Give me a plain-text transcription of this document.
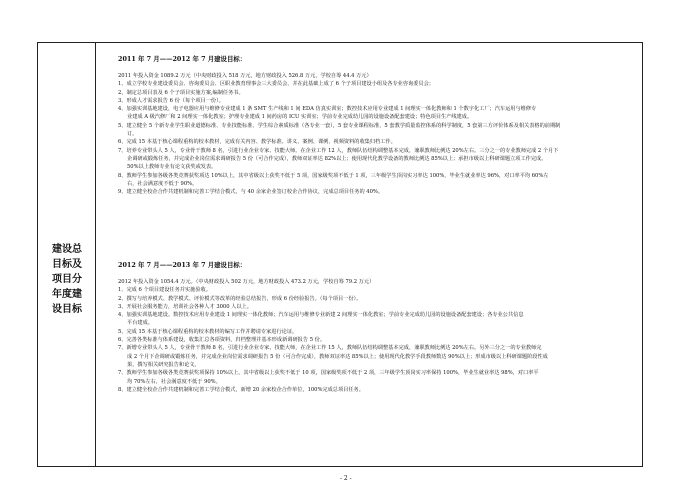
建设总
目标及
项目分
年度建
设目标
2011 年 7 月——2012 年 7 月建设目标：
2011 年投入资金 1089.2 万元（中央财政投入 518 万元，地方财政投入 526.8 万元，学校自筹 44.4 万元）
1、成立学校专业建设委员会、咨询委员会、区职业教育理事会三大委员会，并在此基础上成了 6 个子项目建设小组及各专业咨询委员会；
2、制定总项目表及 6 个子项目实施方案,编制任务书。
3、形成人才需求报告 6 份（每个项目一份）。
4、加强实训基地建设，电子电器应用与维修专业建成 1 条 SMT 生产线和 1 间 EDA 仿真实训室；数控技术应用专业建成 1 间理实一体化教师和 1 个数字化工厂；汽车运用与维修专
业建成 A 级汽修厂和 2 间理实一体化教室；护理专业建成 1 间药房的 ICU 实训室；学前专业完成幼儿园的设施设备配套建设；特色项目生产线建成。
5、建立健全 5 个新专业学生职业道德标准、专业技能标准、学生综合素质标准（各专业一套），5 套专业课程标准，5 套教学质量监控体系的科学制度，5 套第三方评价体系及相关表格的前期制
订。
6、完成 15 本基于核心课程重构的校本教材，完成有关内容、教学标准、讲义、案例、课例、视频资料的收集归档工作。
7、培养专业带头人 5 人，专业骨干教师 8 名，引进行业企业专家、技能大师。在企业工作 12 人，教师队伍结构调整基本完成，兼职教师比例达 20%左右。三分之一的专业教师完成 2 个月下
企调研或锻炼任务，并完成企业岗位需求调研报告 5 份（可合作完成），教师双证率达 82%以上；使用现代化教学设备的教师比例达 85%以上；承担市级以上科研课题立项工作完成。
50%以上教师专业有论文获奖或发表。
8、教师学生参加各级各类竞赛获奖项达 10%以上，其中省级以上获奖不低于 5 项，国家级奖项不低于 1 项，三年级学生顶岗实习率达 100%，毕业生就业率达 96%，对口率平均 60%左
右，社会满意度不低于 90%。
9、建立健全校企合作共建机制和完善工学结合模式，与 40 余家企业签订校企合作协议，完成总项目任务的 40%。
2012 年 7 月——2013 年 7 月建设目标：
2012 年投入资金 1054.4 万元。（中央财政投入 502 万元，地方财政投入 473.2 万元，学校自筹 79.2 万元）
1、完成 6 个项目建设任务并实施验收。
2、撰写与培养模式、教学模式、评价模式等改革的经验总结报告，形成 6 份经验报告。（每个项目一份）。
3、开展社会服务能力，培训社会各种人才 3000 人以上。
4、加强实训基地建设。数控技术应用专业建设 1 间理实一体化教师；汽车运用与维修专业新建 2 间理实一体化教室；学前专业完成幼儿园的设施设备配套建设；各专业公共信息
平台建成。
5、完成 15 本基于核心课程重构的校本教材的编写工作并聘请专家进行论证。
6、完善各类标准与体系建设，收集汇总各项资料，归档整理并基本形成新调研报告 5 份。
7、新增专业带头人 5 人，专业骨干教师 8 名，引进行业企业专家，技能大师，在企业工作 15 人，教师队伍结构调整基本完成，兼职教师比例达 20%左右。另外三分之一的专业教师完
成 2 个月下企调研或锻炼任务，并完成企业岗位需求调研报告 5 份（可合作完成），教师双证率达 85%以上；使用现代化教学手段教师数达 90%以上；形成市级以上科研课题阶段性成
果，撰写相关研究报告和论文。
7、教师学生参加各级各类竞赛获奖项保持 10%以上，其中省级以上获奖不低于 10 项，国家级奖项不低于 2 项，三年级学生顶岗实习率保持 100%，毕业生就业率达 98%，对口率平
均 70%左右，社会满意度不低于 90%。
8、建立健全校企合作共建机制和完善工学结合模式，新增 20 余家校企合作单位，100%完成总项目任务。
- 2 -
